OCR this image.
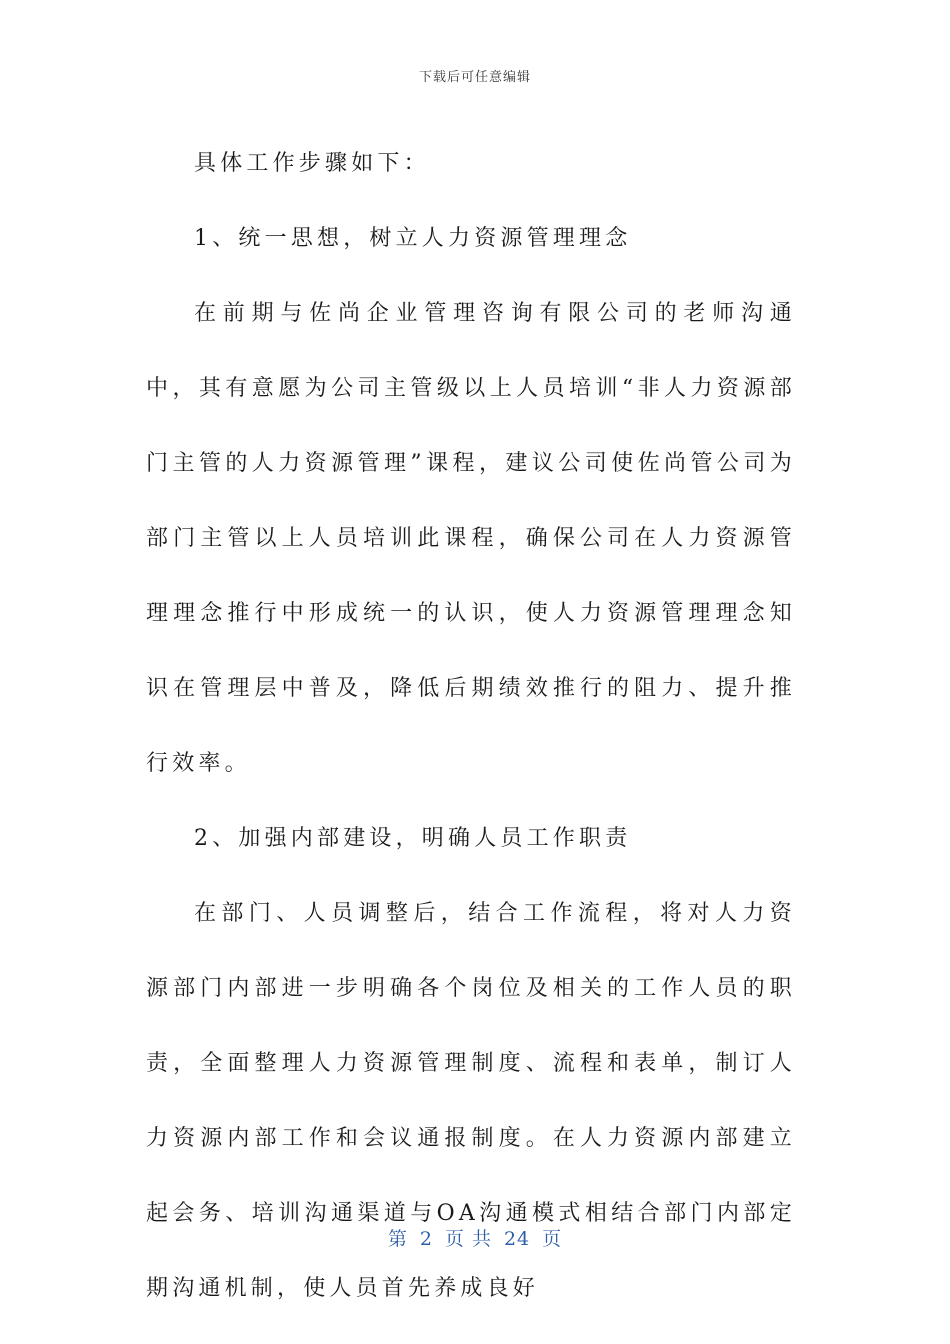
下载后可任意编辑

具体工作步骤如下：

1、统一思想，树立人力资源管理理念

在前期与佐尚企业管理咨询有限公司的老师沟通中，其有意愿为公司主管级以上人员培训“非人力资源部门主管的人力资源管理”课程，建议公司使佐尚管公司为部门主管以上人员培训此课程，确保公司在人力资源管理理念推行中形成统一的认识，使人力资源管理理念知识在管理层中普及，降低后期绩效推行的阻力、提升推行效率。

2、加强内部建设，明确人员工作职责

在部门、人员调整后，结合工作流程，将对人力资源部门内部进一步明确各个岗位及相关的工作人员的职责，全面整理人力资源管理制度、流程和表单，制订人力资源内部工作和会议通报制度。在人力资源内部建立起会务、培训沟通渠道与OA沟通模式相结合部门内部定期沟通机制，使人员首先养成良好

第 2 页 共 24 页
